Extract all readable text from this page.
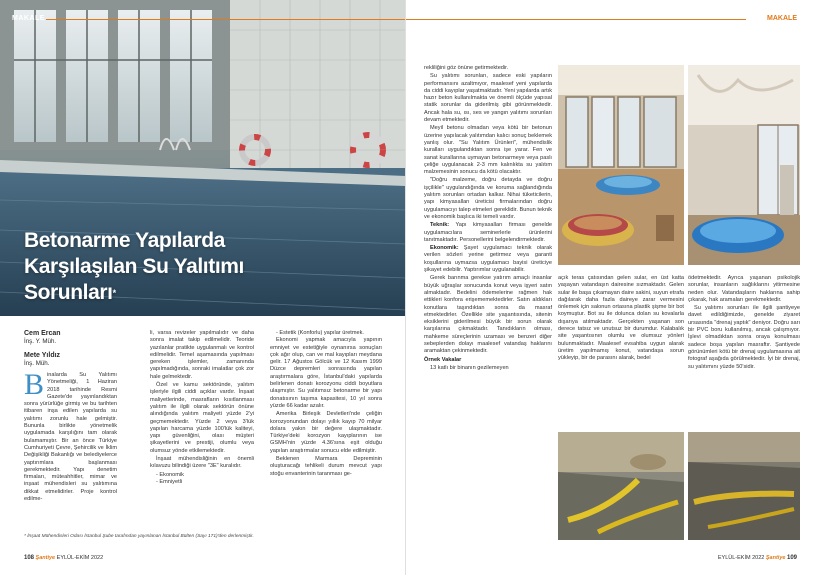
MAKALE
Betonarme Yapılarda
Karşılaşılan Su Yalıtımı
Sorunları*
Cem Ercan
İnş. Y. Müh.
Mete Yıldız
İnş. Müh.

Binalarda Su Yalıtımı Yönetmeliği, 1 Haziran 2018 tarihinde Resmi Gazete'de yayınlandıktan sonra yürürlüğe girmiş ve bu tarihten itibaren inşa edilen yapılarda su yalıtımı zorunlu hale gelmiştir. Bununla birlikte yönetmelik uygulamada karşılığını tam olarak bulamamıştır. Bir an önce Türkiye Cumhuriyeti Çevre, Şehircilik ve İklim Değişikliği Bakanlığı ve belediyelerce yaptırımlara başlanması gerekmektedir. Yapı denetim firmaları, müteahhitler, mimar ve inşaat mühendisleri su yalıtımına dikkat etmelidirler. Proje kontrol edilme-

li, varsa revizeler yapılmalıdır ve daha sonra imalat takip edilmelidir. Teoride yazılanlar pratikte uygulanmalı ve kontrol edilmelidir. Temel aşamasında yapılması gereken işlemler, zamanında yapılmadığında, sonraki imalatlar çok zor hale gelmektedir.

Özel ve kamu sektöründe, yalıtım işleriyle ilgili ciddi açıklar vardır. İnşaat maliyetlerinde, masrafların kısıtlanması yalıtım ile ilgili olarak sektörün önüne alındığında yalıtım maliyeti yüzde 2'yi geçmemektedir. Yüzde 2 veya 3'lük yapılan harcama yüzde 100'lük kaliteyi, yapı güvenliğini, olası müşteri şikayetlerini ve prestiji, olumlu veya olumsuz yönde etkilemektedir.

İnşaat mühendisliğinin en önemli kılavuzu bilindiği üzere "3E" kuralıdır.

- Ekonomik
- Emniyetli
- Estetik (Konforlu) yapılar üretmek.

Ekonomi yapmak amacıyla yapının emniyet ve estetiğiyle oynanırsa sonuçları çok ağır olup, can ve mal kayıpları meydana gelir. 17 Ağustos Gölcük ve 12 Kasım 1999 Düzce depremleri sonrasında yapılan araştırmalara göre, İstanbul'daki yapılarda belirlenen donatı korozyonu ciddi boyutlara ulaşmıştır. Su yalıtımsız betonarme bir yapı donatısının taşıma kapasitesi, 10 yıl sonra yüzde 66 kadar azalır.

Amerika Birleşik Devletleri'nde çeliğin korozyonundan dolayı yıllık kayıp 70 milyar dolara yakın bir değere ulaşmaktadır. Türkiye'deki korozyon kayıplarının ise GSMH'nin yüzde 4.36'sına eşit olduğu yapılan araştırmalar sonucu elde edilmiştir.

Beklenen Marmara Depreminin oluşturacağı tehlikeli durum mevcut yapı stoğu envanterinin taranması ge-

* İnşaat Mühendisleri Odası İstanbul Şube tarafından yayınlanan İstanbul Bülten (Sayı 171)'den derlenmiştir.
108 Şantiye EYLÜL-EKİM 2022
MAKALE

rekliliğini göz önüne getirmektedir.

Su yalıtımı sorunları, sadece eski yapıların performansını azaltmıyor, maalesef yeni yapılarda da ciddi kayıplar yaşatmaktadır. Yeni yapılarda artık hazır beton kullanılmakta ve önemli ölçüde yapısal statik sorunlar da giderilmiş gibi görünmektedir. Ancak hala su, ısı, ses ve yangın yalıtımı sorunları devam etmektedir.

Meyil betonu olmadan veya kötü bir betonun üzerine yapılacak yalıtımdan kalıcı sonuç beklemek yanlış olur. "Su Yalıtım Ürünleri", mühendislik kuralları uygulandıktan sonra işe yarar. Fen ve sanat kurallarına uymayan betonarmeye veya paslı çeliğe uygulanacak 2-3 mm kalınlıkta su yalıtım malzemesinin sonucu da kötü olacaktır.

"Doğru malzeme, doğru detayda ve doğru işçilikle" uygulandığında ve koruma sağlandığında yalıtım sorunları ortadan kalkar. Nihai tüketicilerin, yapı kimyasalları üreticisi firmalarından doğru uygulamacıyı talep etmeleri gereklidir. Bunun teknik ve ekonomik başlıca iki temeli vardır.

Teknik: Yapı kimyasalları firması genelde uygulamacılara seminerlerle ürünlerini tanıtmaktadır. Personellerini belgelendirmektedir.

Ekonomik: Şayet uygulamacı teknik olarak verilen sözleri yerine getirmez veya garanti koşullarına uymazsa uygulamacı bayisi üreticiye şikayet edebilir. Yaptırımlar uygulanabilir.

Gerek barınma gerekse yatırım amaçlı insanlar büyük uğraşlar sonucunda konut veya işyeri satın almaktadır. Bedelini ödemelerine rağmen hak ettikleri konfora erişememektedirler. Satın aldıkları konutlara taşındıktan sonra da masraf etmektedirler. Özellikle site yaşantısında, sitenin eksiklerini giderilmesi büyük bir sorun olarak karşılarına çıkmaktadır. Tanıdıkların olması, mahkeme süreçlerinin uzaması ve benzeri diğer sebeplerden dolayı maalesef vatandaş haklarını aramaktan çekinmektedir.

Örnek Vakalar

13 katlı bir binanın gezilemeyen

açık teras çatısından gelen sular, en üst katta yaşayan vatandaşın dairesine sızmaktadır. Gelen sular ile başa çıkamayan daire sakini, suyun etrafa dağılarak daha fazla daireye zarar vermesini önlemek için salonun ortasına plastik şişme bir bot koymuştur. Bot su ile dolunca dolan su kovalarla dışarıya atılmaktadır. Gerçekten yaşanan son derece tatsız ve unutsuz bir durumdur. Kalabalık site yaşantısının olumlu ve olumsuz yönleri bulunmaktadır. Maalesef evsahiba uygun alarak üretim yapılmamış konut, vatandaşa sorun yükleyip, bir de parasını alarak, bedel

ödetmektedir. Ayrıca yaşanan psikolojik sorunlar, insanların sağlıklarını yitirmesine neden olur. Vatandaşların haklarına sahip çıkarak, hak aramaları gerekmektedir.

Su yalıtımı sorunları ile ilgili şantiyeye davet edildiğimizde, genelde ziyaret ursasında "drenaj yaptık" deniyor. Doğru sarı bir PVC boru kullanılmış, ancak çalışmıyor. İşlevi olmadıktan sonra oraya konulması sadece boşa yapılan masraftır. Şantiyede görünümleri kötü bir drenaj uygulamasına ait fotograf aşağıda görülmektedir. İyi bir drenaj, su yalıtımını yüzde 50'sidir.

EYLÜL-EKİM 2022 Şantiye 109
